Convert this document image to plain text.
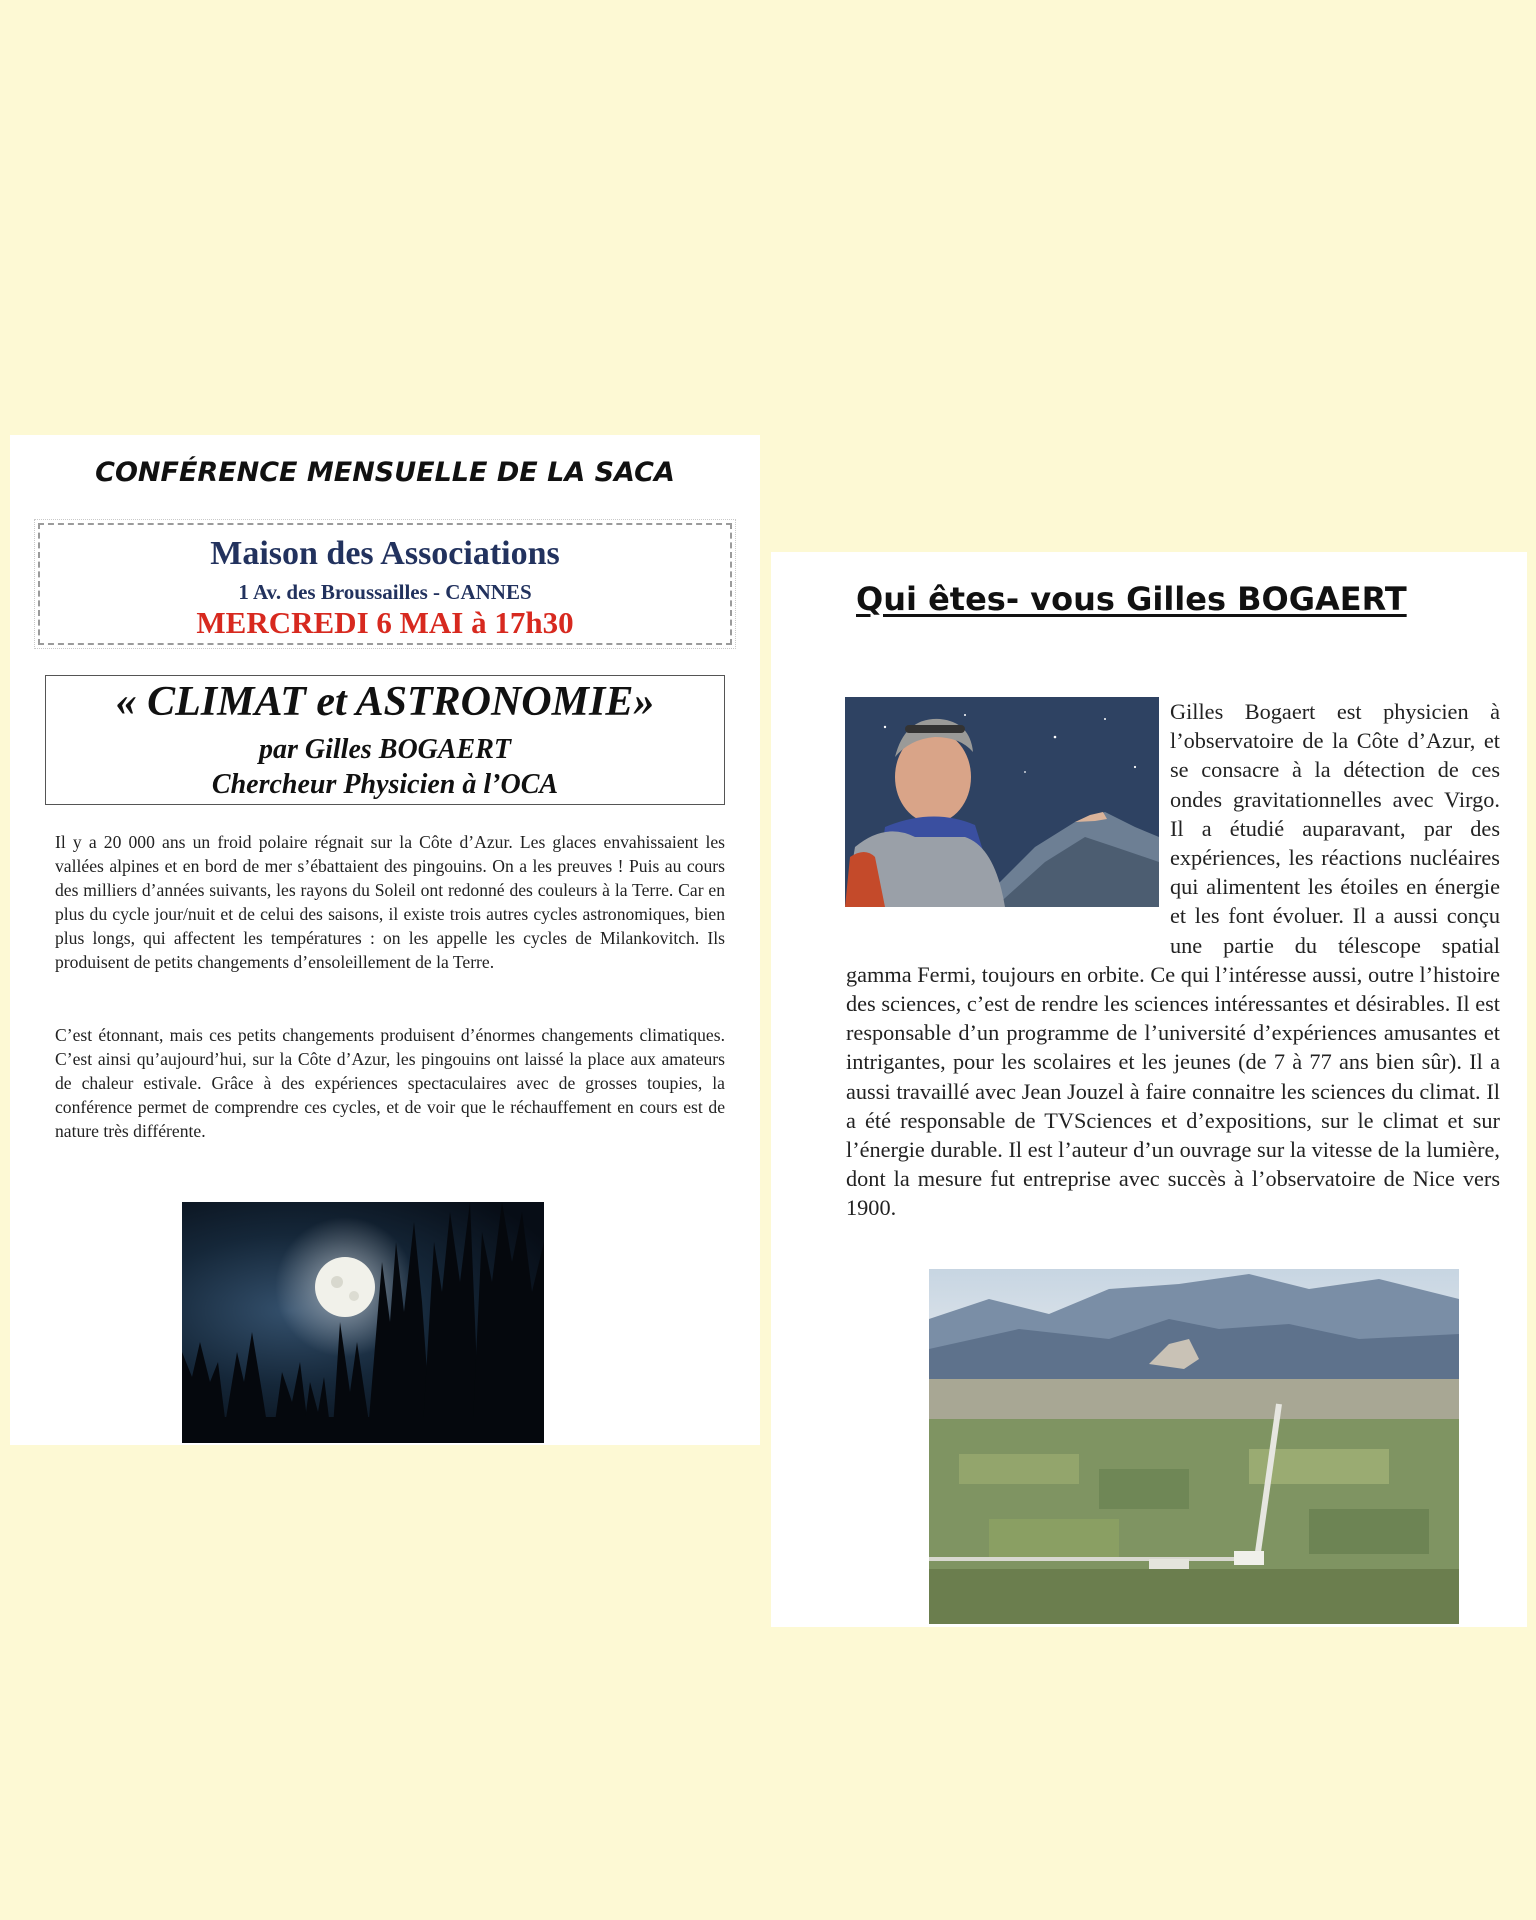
CONFÉRENCE MENSUELLE DE LA SACA
Maison des Associations
1 Av. des Broussailles - CANNES
MERCREDI 6 MAI à 17h30
« CLIMAT et ASTRONOMIE»
par Gilles BOGAERT
Chercheur Physicien à l’OCA

Il y a 20 000 ans un froid polaire régnait sur la Côte d’Azur. Les glaces envahissaient les vallées alpines et en bord de mer s’ébattaient des pingouins. On a les preuves ! Puis au cours des milliers d’années suivants, les rayons du Soleil ont redonné des couleurs à la Terre. Car en plus du cycle jour/nuit et de celui des saisons, il existe trois autres cycles astronomiques, bien plus longs, qui affectent les températures : on les appelle les cycles de Milankovitch. Ils produisent de petits changements d’ensoleillement de la Terre.

C’est étonnant, mais ces petits changements produisent d’énormes changements climatiques. C’est ainsi qu’aujourd’hui, sur la Côte d’Azur, les pingouins ont laissé la place aux amateurs de chaleur estivale. Grâce à des expériences spectaculaires avec de grosses toupies, la conférence permet de comprendre ces cycles, et de voir que le réchauffement en cours est de nature très différente.

Qui êtes- vous Gilles BOGAERT

Gilles Bogaert est physicien à l’observatoire de la Côte d’Azur, et se consacre à la détection de ces ondes gravitationnelles avec Virgo. Il a étudié auparavant, par des expériences, les réactions nucléaires qui alimentent les étoiles en énergie et les font évoluer. Il a aussi conçu une partie du télescope spatial gamma Fermi, toujours en orbite. Ce qui l’intéresse aussi, outre l’histoire des sciences, c’est de rendre les sciences intéressantes et désirables. Il est responsable d’un programme de l’université d’expériences amusantes et intrigantes, pour les scolaires et les jeunes (de 7 à 77 ans bien sûr). Il a aussi travaillé avec Jean Jouzel à faire connaitre les sciences du climat. Il a été responsable de TVSciences et d’expositions, sur le climat et sur l’énergie durable. Il est l’auteur d’un ouvrage sur la vitesse de la lumière, dont la mesure fut entreprise avec succès à l’observatoire de Nice vers 1900.
